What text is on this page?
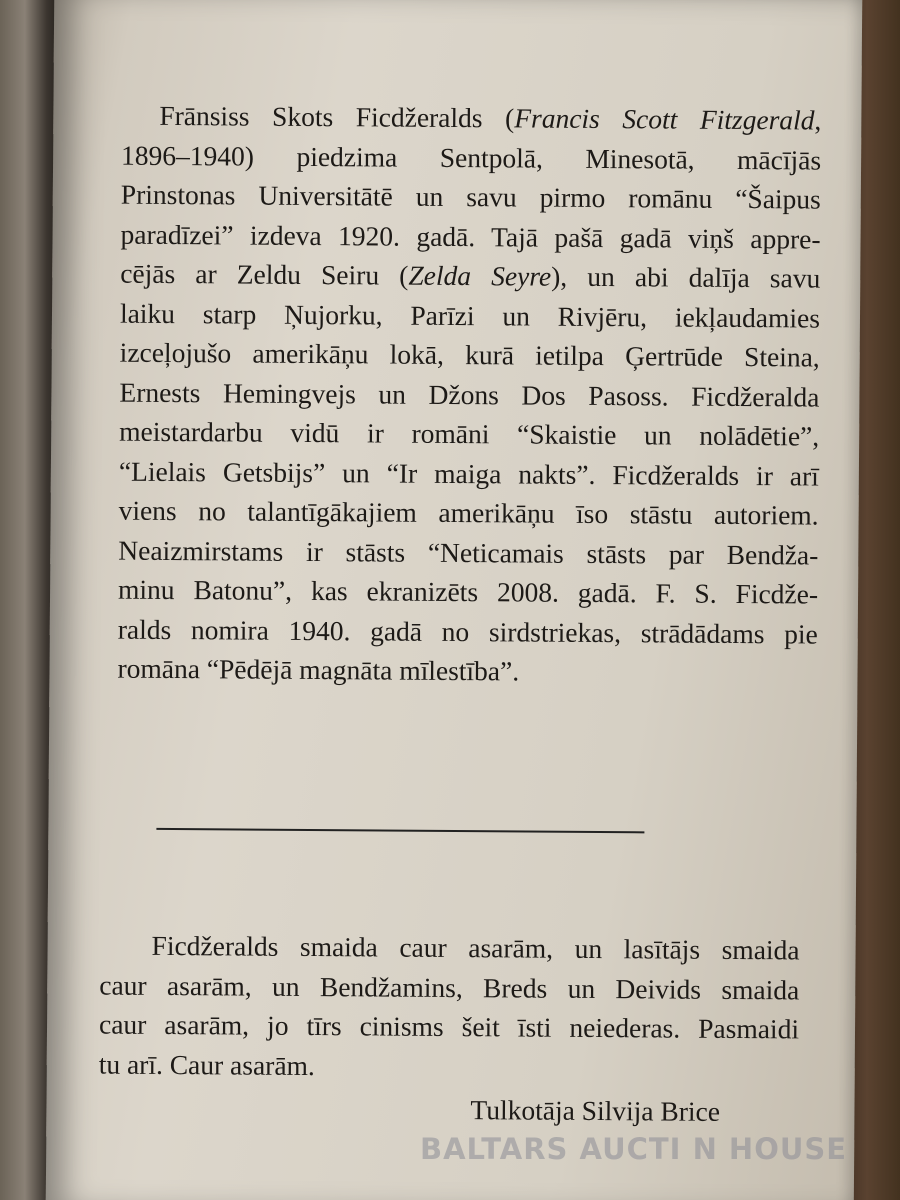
Frānsiss Skots Ficdžeralds (Francis Scott Fitzgerald,
1896–1940) piedzima Sentpolā, Minesotā, mācījās
Prinstonas Universitātē un savu pirmo romānu “Šaipus
paradīzei” izdeva 1920. gadā. Tajā pašā gadā viņš appre-
cējās ar Zeldu Seiru (Zelda Seyre), un abi dalīja savu
laiku starp Ņujorku, Parīzi un Rivjēru, iekļaudamies
izceļojušo amerikāņu lokā, kurā ietilpa Ģertrūde Steina,
Ernests Hemingvejs un Džons Dos Pasoss. Ficdžeralda
meistardarbu vidū ir romāni “Skaistie un nolādētie”,
“Lielais Getsbijs” un “Ir maiga nakts”. Ficdžeralds ir arī
viens no talantīgākajiem amerikāņu īso stāstu autoriem.
Neaizmirstams ir stāsts “Neticamais stāsts par Bendža-
minu Batonu”, kas ekranizēts 2008. gadā. F. S. Ficdže-
ralds nomira 1940. gadā no sirdstriekas, strādādams pie
romāna “Pēdējā magnāta mīlestība”.
Ficdžeralds smaida caur asarām, un lasītājs smaida
caur asarām, un Bendžamins, Breds un Deivids smaida
caur asarām, jo tīrs cinisms šeit īsti neiederas. Pasmaidi
tu arī. Caur asarām.
Tulkotāja Silvija Brice
BALTARS AUCTI N HOUSE
